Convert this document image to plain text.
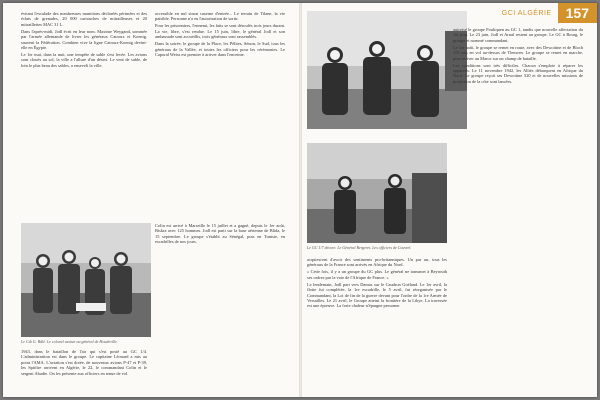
GCI ALGÉRIE	157

évitant l'escalade des nombreuses munitions déclaréés périmées et des éclats de grenades, 20 000 cartouches de mitrailleuses et 20 mitraillettes MAC 31 L.

Dans l'après-midi, Jodl écrit en leur nom. Maxime Weygand, sommée par l'armée allemande de livrer les généraux Catroux et Koenig, sauvent la Fédération. Combien vive la ligne Catroux-Koenig devint-elle en Égypte.

Le 1er mai, dans la nuit, une tempête de sable s'est levée. Les avions sont cloués au sol, la ville a l'allure d'un désert. Le vent de sable, de loin le plus beau des sables, a enseveli la ville.

accessible en nul sinon caserne d'entrée... Le terrain de Tilane, la vie paisible. Personne n'a eu l'autorisation de sortir.

Pour les prisonniers, l'ennemi, les faits se sont déroulés trois jours durant. La vie, libre, s'est rendue. Le 15 juin, libre, le général Jodl et son ambassade sont accueillis, trois généraux sont rassemblés.

Dans la soirée, le groupe de la Place, les Pélites, Sénon, le Sud, tous les généraux de la Vallée, et toutes les officiers pour les cérémonies. Le Caporal Weiss est premier à arriver dans l'enceinte.

Le Cdt G. Bâlé. Le colonel assiste au général de Houdeville.

1943, dans le bataillon de l'air qui s'est posté au GC 1/4. L'administration est dans le groupe. Le capitaine Léonard a mis au point l'AMA. L'aviation s'est dotée, de nouveaux avions P-47 et P-39, les Spitfire arrivent en Algérie, le 22, le commandant Colin et le sergent Abadie. On les présente aux officiers en tenue de vol.

Colin est arrivé à Marseille le 15 juillet et a gagné, depuis le 1er août, Biskra avec 125 hommes. Jodl est parti sur la base aérienne de Blida, le 15 septembre. Le groupe s'établit au Sénégal, puis en Tunisie, en escadrilles de nos jours.

Le GC 1/7 décore. Le Général Bergeret. Les officiers de Couvrel.

acquiescent d'avoir des sentiments pro-britanniques. Un par un, tous les généraux de la France sont arrivés en Afrique du Nord.

« Cette fois, il y a un groupe du GC plus. Le général ne transmet à Beyrouth ses ordres par la voie de l'Afrique de France. »

Le lendemain, Jodl part vers Damas sur le Caudron Goéland. Le 1er avril, la flotte fut complétée, la 1re escadrille, le 5 avril, fut réorganisée par le Commandant, la Loi de fin de la guerre devant pour l'ordre de la 1re Armée de Versailles. Le 21 avril, le Groupe atteint la frontière de la Libye. La traversée est une épreuve. La forte chaleur n'épargne personne.

autorisé le groupe Pouliquen au GC 1, tandis que nouvelle affectation du 1er juin. Le 23 juin, Jodl et Arnal restent au groupe. Le GC à Bourg, le groupe et nommé commandant.

Le 1er août, le groupe se remet en route, avec des Dewoitine et de Bloch 155 mis en vol au-dessus de Tlemcen. Le groupe se remet en marche, pour arriver au Maroc sur un champ de bataille.

Les conditions sont très difficiles. Chacun s'emploie à réparer les appareils. Le 11 novembre 1942, les Alliés débarquent en Afrique du Nord. Le groupe reçoit ses Dewoitine 520 et de nouvelles missions de protection de la côte sont lancées.
